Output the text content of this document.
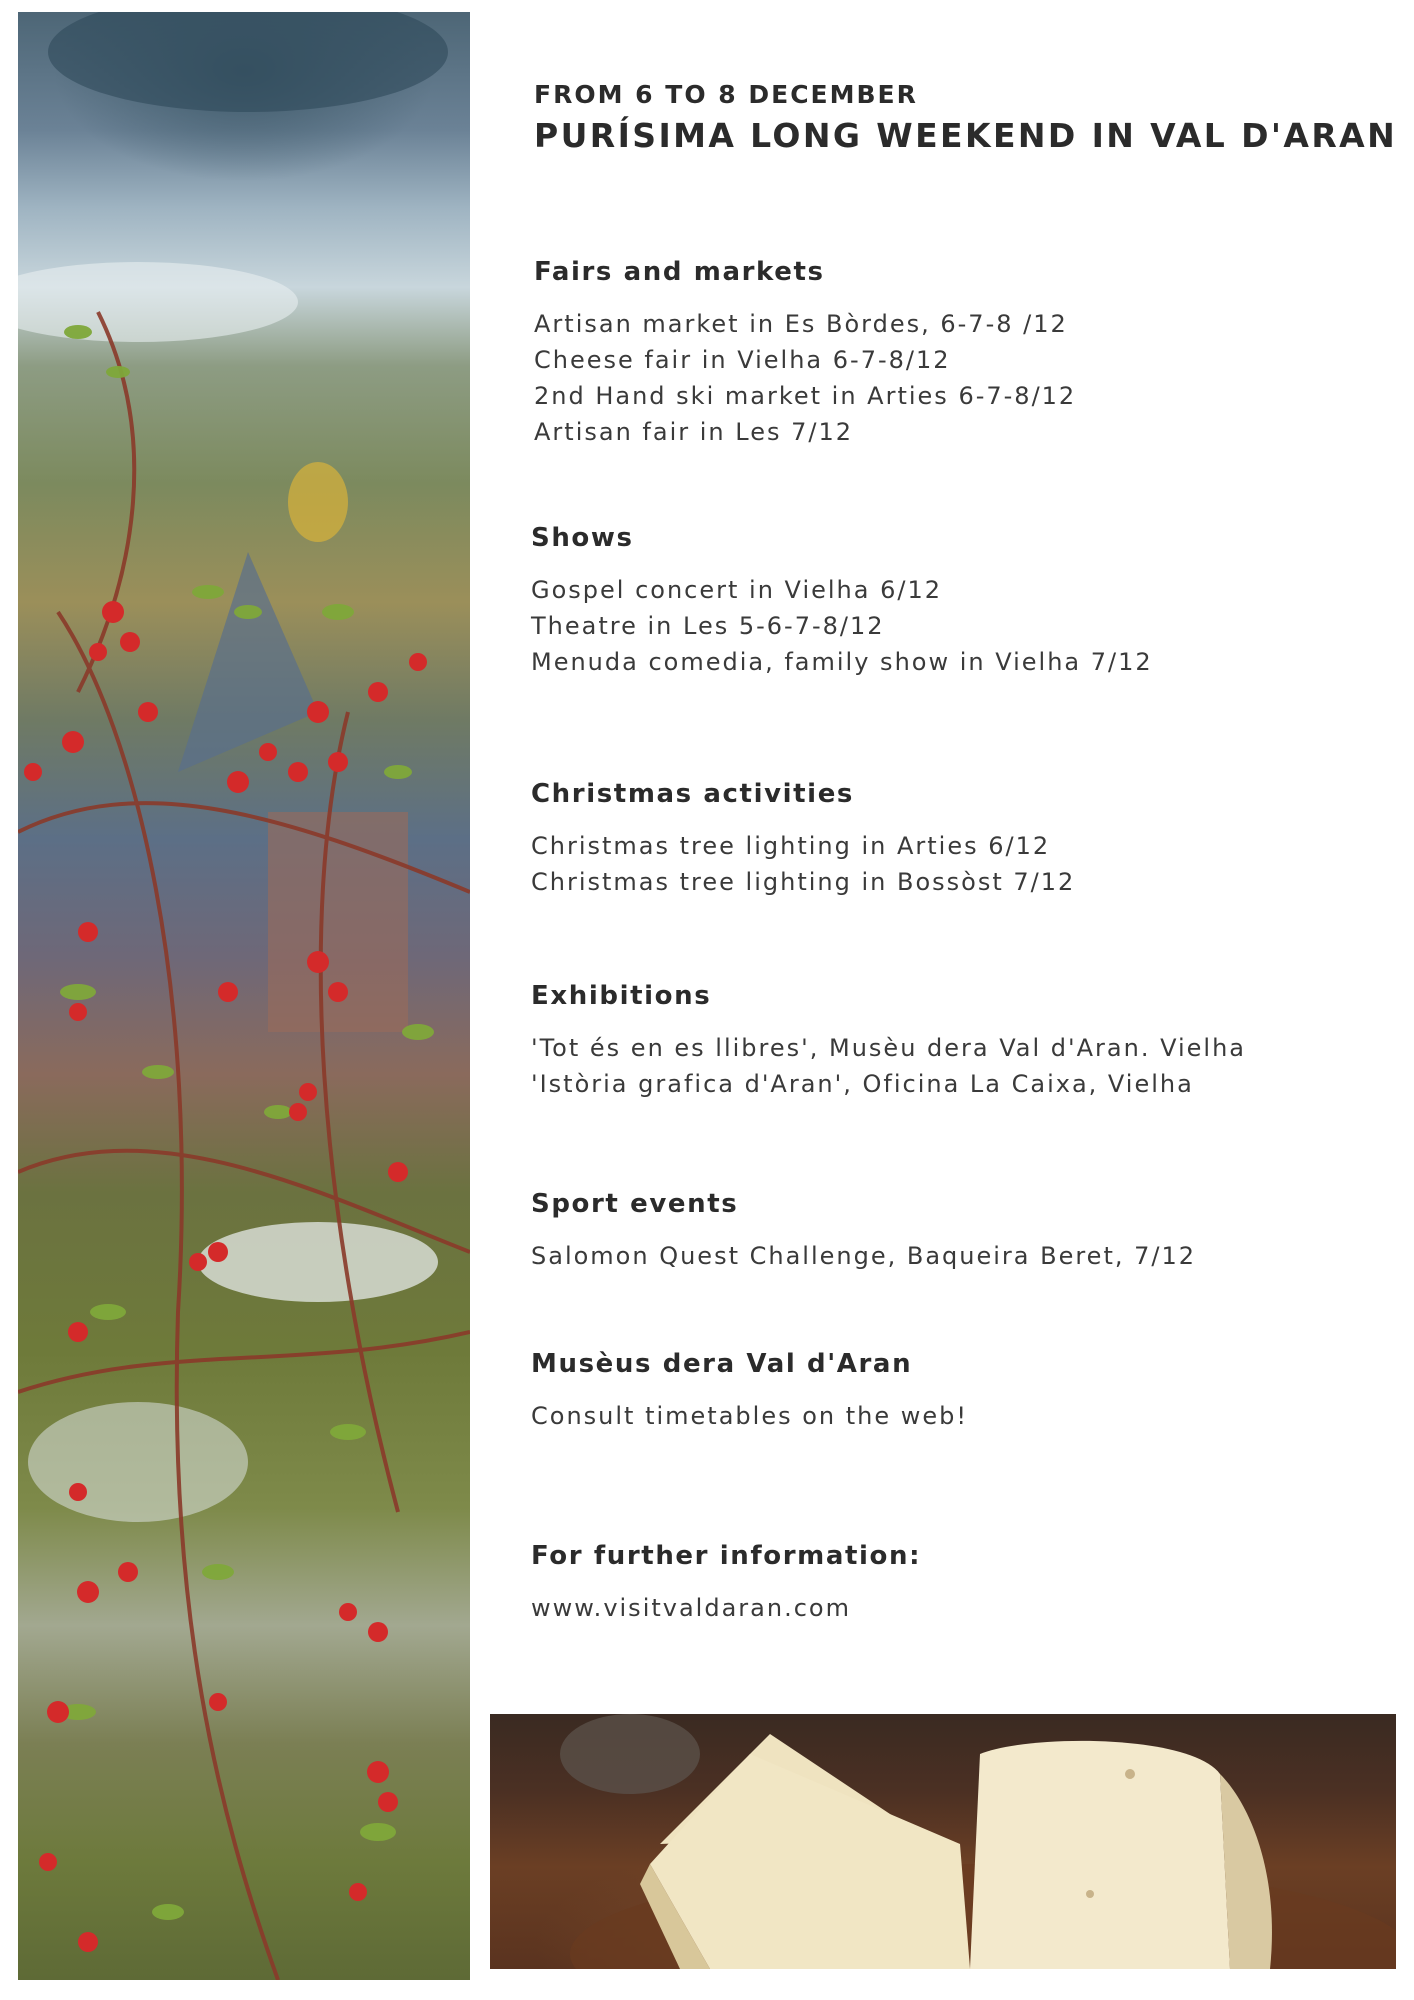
FROM 6 TO 8 DECEMBER

PURÍSIMA LONG WEEKEND IN VAL D'ARAN

Fairs and markets
Artisan market in Es Bòrdes, 6-7-8 /12
Cheese fair in Vielha 6-7-8/12
2nd Hand ski market in Arties 6-7-8/12
Artisan fair in Les 7/12
Shows
Gospel concert in Vielha 6/12
Theatre in Les 5-6-7-8/12
Menuda comedia, family show in Vielha 7/12
Christmas activities
Christmas tree lighting in Arties 6/12
Christmas tree lighting in Bossòst 7/12
Exhibitions
'Tot és en es llibres', Musèu dera Val d'Aran. Vielha
'Istòria grafica d'Aran', Oficina La Caixa, Vielha
Sport events
Salomon Quest Challenge, Baqueira Beret, 7/12
Musèus dera Val d'Aran
Consult timetables on the web!
For further information:
www.visitvaldaran.com
